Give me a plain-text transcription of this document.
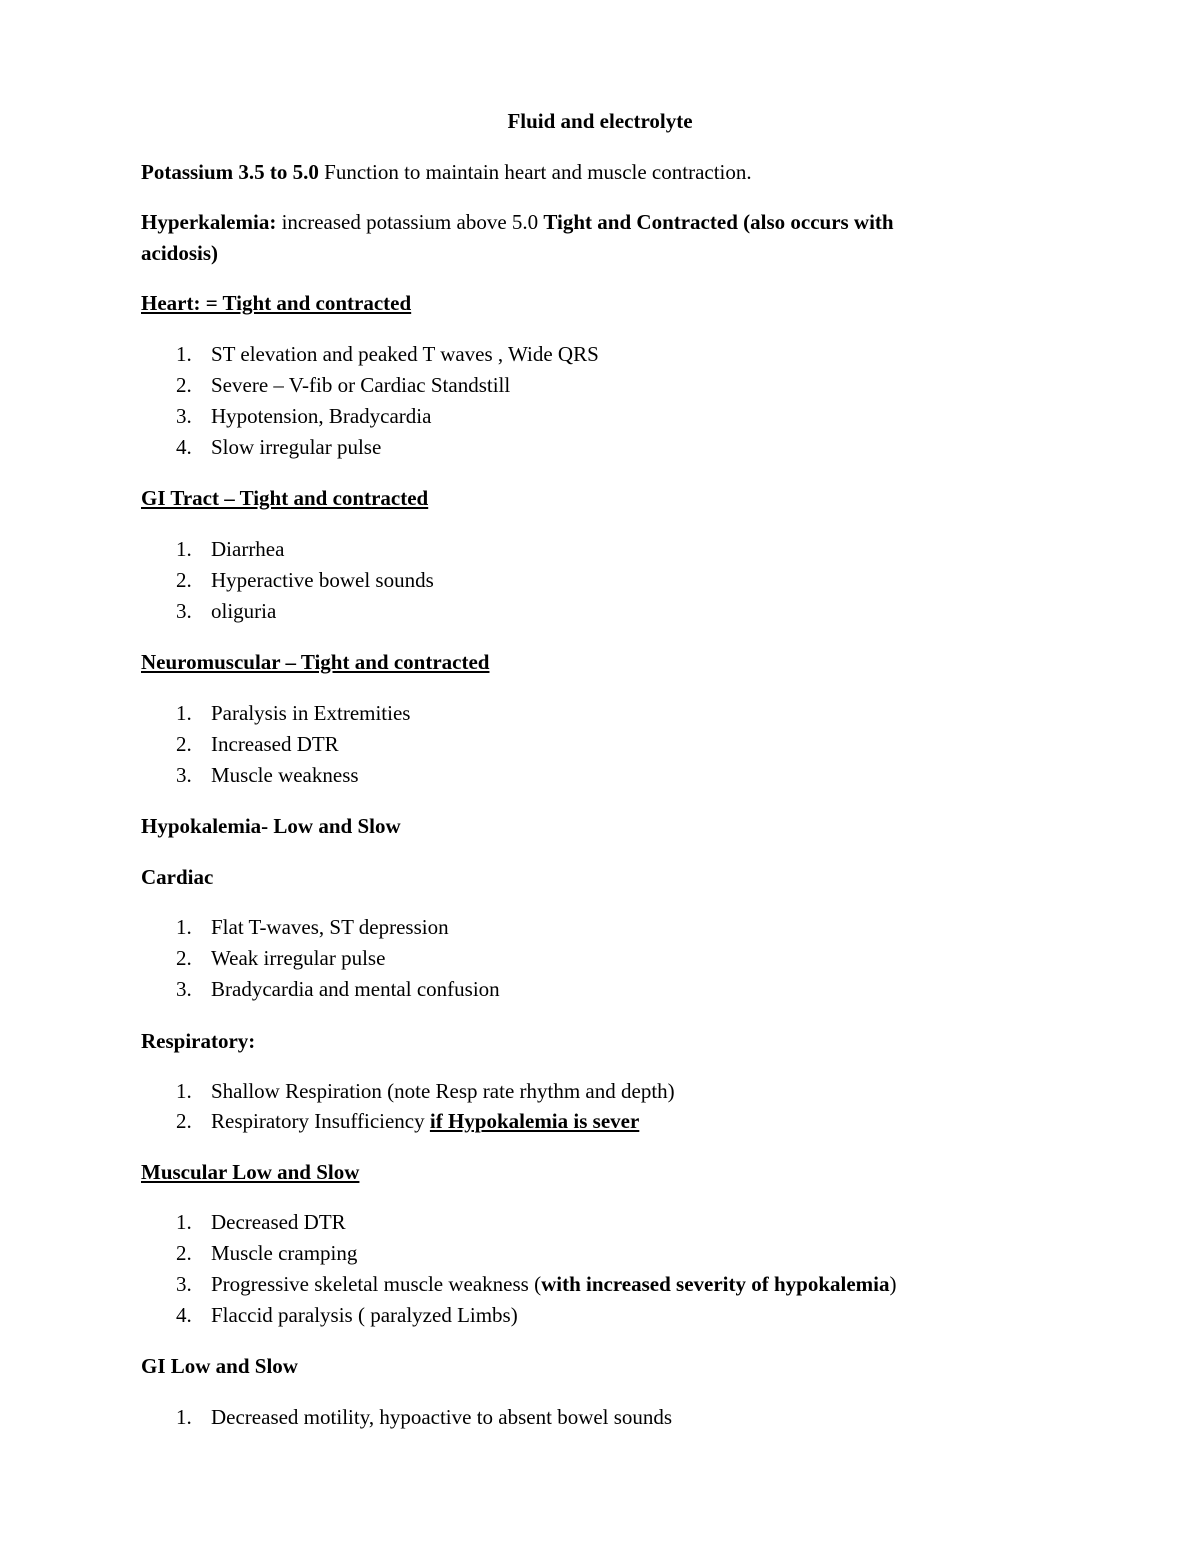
Fluid and electrolyte
Potassium 3.5 to 5.0 Function to maintain heart and muscle contraction.
Hyperkalemia: increased potassium above 5.0 Tight and Contracted (also occurs with
acidosis)
Heart: = Tight and contracted
1. ST elevation and peaked T waves , Wide QRS
2. Severe – V-fib or Cardiac Standstill
3. Hypotension, Bradycardia
4. Slow irregular pulse
GI Tract – Tight and contracted
1. Diarrhea
2. Hyperactive bowel sounds
3. oliguria
Neuromuscular – Tight and contracted
1. Paralysis in Extremities
2. Increased DTR
3. Muscle weakness
Hypokalemia- Low and Slow
Cardiac
1. Flat T-waves, ST depression
2. Weak irregular pulse
3. Bradycardia and mental confusion
Respiratory:
1. Shallow Respiration (note Resp rate rhythm and depth)
2. Respiratory Insufficiency if Hypokalemia is sever
Muscular Low and Slow
1. Decreased DTR
2. Muscle cramping
3. Progressive skeletal muscle weakness (with increased severity of hypokalemia)
4. Flaccid paralysis ( paralyzed Limbs)
GI Low and Slow
1. Decreased motility, hypoactive to absent bowel sounds
